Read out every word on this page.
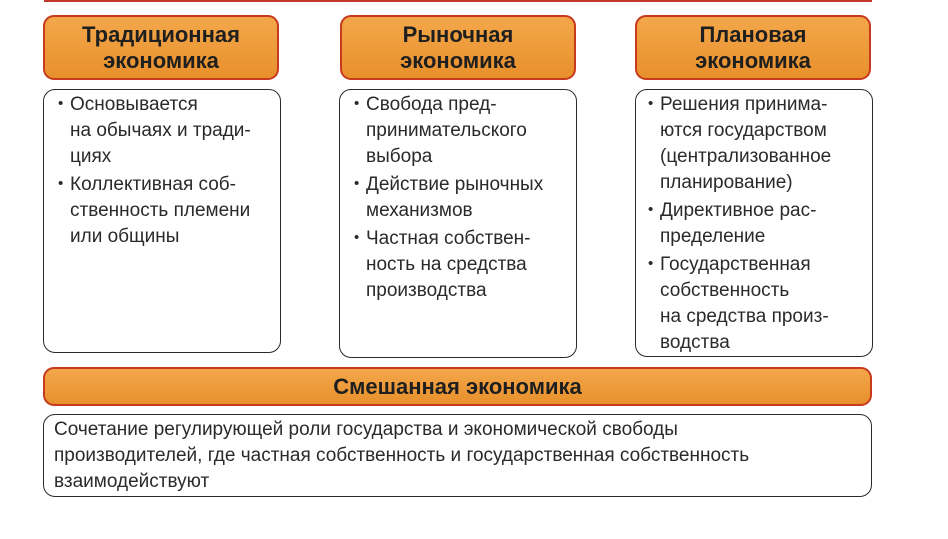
Традиционная
экономика
• Основывается
на обычаях и тради-
циях
• Коллективная соб-
ственность племени
или общины
Рыночная
экономика
• Свобода пред-
принимательского
выбора
• Действие рыночных
механизмов
• Частная собствен-
ность на средства
производства
Плановая
экономика
• Решения принима-
ются государством
(централизованное
планирование)
• Директивное рас-
пределение
• Государственная
собственность
на средства произ-
водства
Смешанная экономика
Сочетание регулирующей роли государства и экономической свободы
производителей, где частная собственность и государственная собственность
взаимодействуют
